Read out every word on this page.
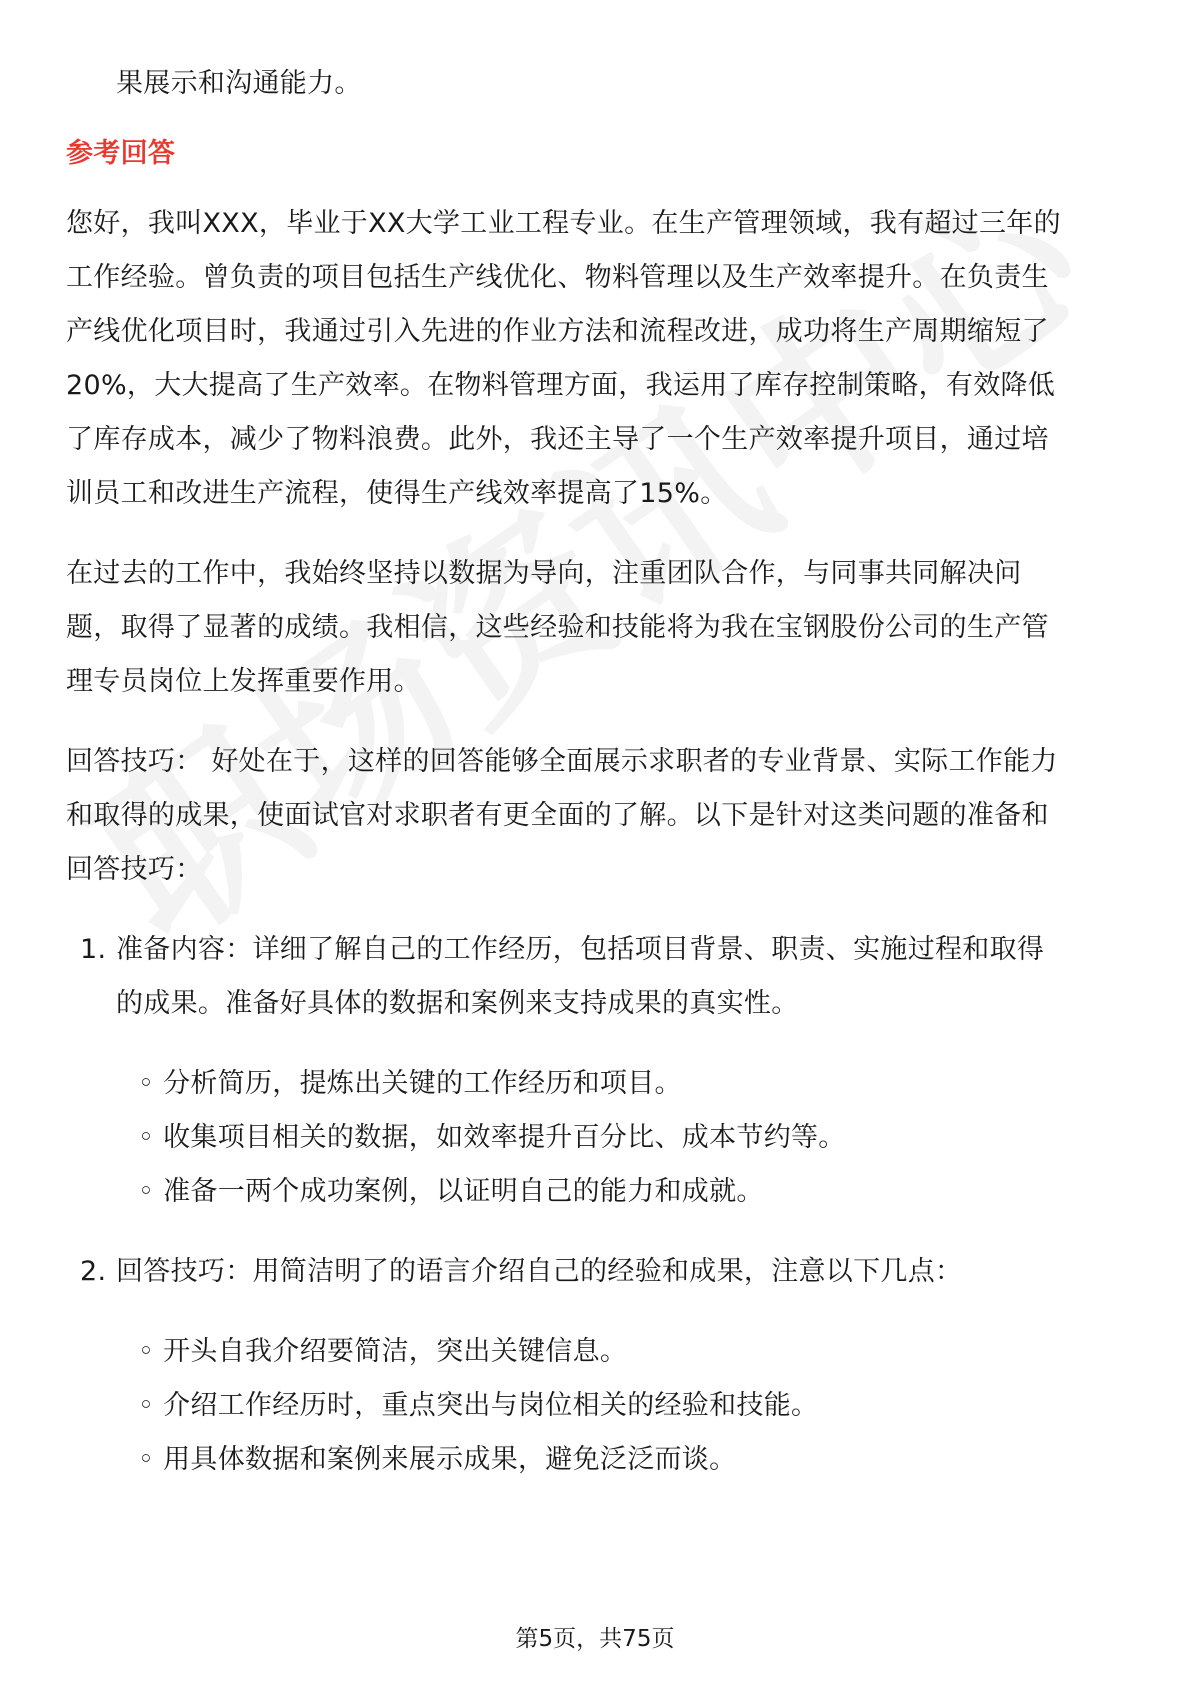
果展示和沟通能力。
参考回答
您好，我叫XXX，毕业于XX大学工业工程专业。在生产管理领域，我有超过三年的
工作经验。曾负责的项目包括生产线优化、物料管理以及生产效率提升。在负责生
产线优化项目时，我通过引入先进的作业方法和流程改进，成功将生产周期缩短了
20%，大大提高了生产效率。在物料管理方面，我运用了库存控制策略，有效降低
了库存成本，减少了物料浪费。此外，我还主导了一个生产效率提升项目，通过培
训员工和改进生产流程，使得生产线效率提高了15%。
在过去的工作中，我始终坚持以数据为导向，注重团队合作，与同事共同解决问
题，取得了显著的成绩。我相信，这些经验和技能将为我在宝钢股份公司的生产管
理专员岗位上发挥重要作用。
回答技巧： 好处在于，这样的回答能够全面展示求职者的专业背景、实际工作能力
和取得的成果，使面试官对求职者有更全面的了解。以下是针对这类问题的准备和
回答技巧：
1. 准备内容：详细了解自己的工作经历，包括项目背景、职责、实施过程和取得
的成果。准备好具体的数据和案例来支持成果的真实性。
◦ 分析简历，提炼出关键的工作经历和项目。
◦ 收集项目相关的数据，如效率提升百分比、成本节约等。
◦ 准备一两个成功案例，以证明自己的能力和成就。
2. 回答技巧：用简洁明了的语言介绍自己的经验和成果，注意以下几点：
◦ 开头自我介绍要简洁，突出关键信息。
◦ 介绍工作经历时，重点突出与岗位相关的经验和技能。
◦ 用具体数据和案例来展示成果，避免泛泛而谈。
第5页，共75页
